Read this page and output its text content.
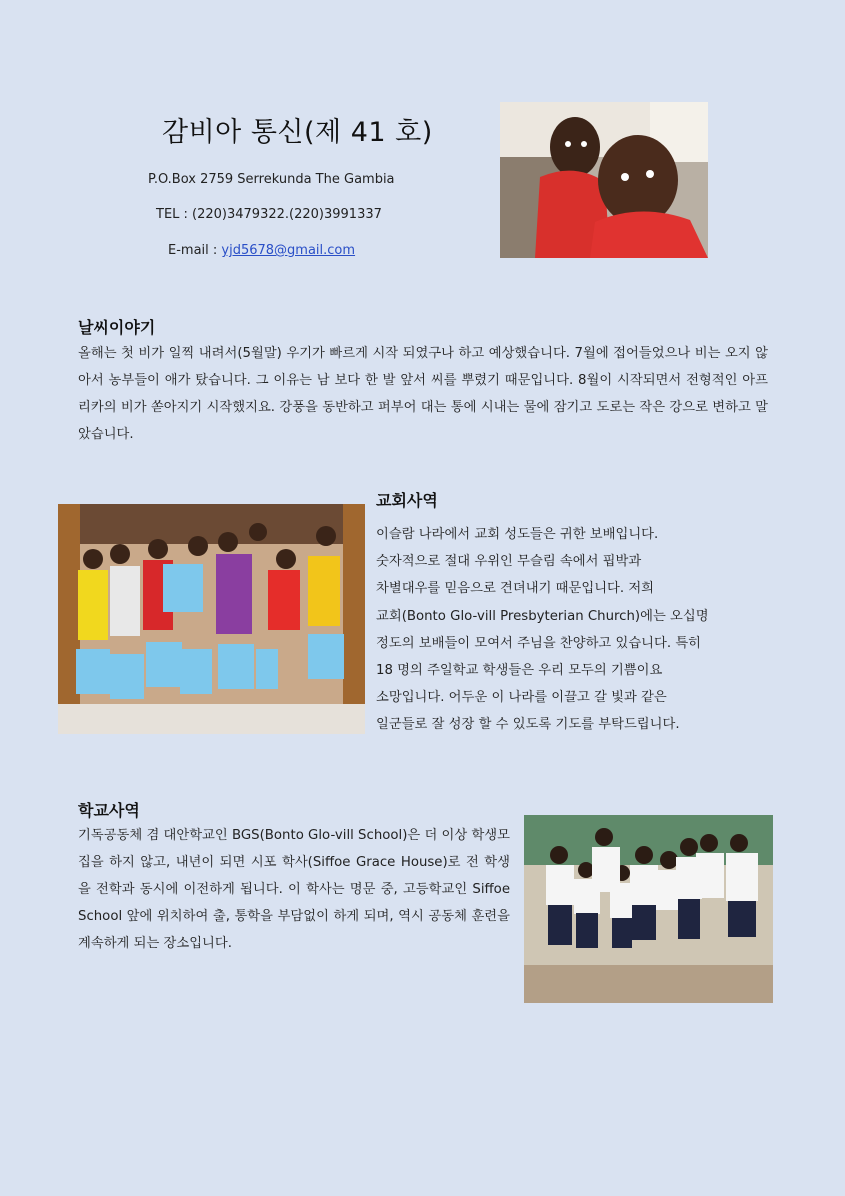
감비아 통신(제 41 호)
P.O.Box 2759 Serrekunda The Gambia
TEL : (220)3479322.(220)3991337
E-mail : yjd5678@gmail.com
날씨이야기

올해는 첫 비가 일찍 내려서(5월말) 우기가 빠르게 시작 되였구나 하고 예상했습니다. 7월에 접어들었으나 비는 오지 않아서 농부들이 애가 탔습니다. 그 이유는 남 보다 한 발 앞서 씨를 뿌렸기 때문입니다. 8월이 시작되면서 전형적인 아프리카의 비가 쏟아지기 시작했지요. 강풍을 동반하고 퍼부어 대는 통에 시내는 물에 잠기고 도로는 작은 강으로 변하고 말았습니다.

교회사역
이슬람 나라에서 교회 성도들은 귀한 보배입니다.
숫자적으로 절대 우위인 무슬림 속에서 핍박과
차별대우를 믿음으로 견뎌내기 때문입니다. 저희
교회(Bonto Glo-vill Presbyterian Church)에는 오십명
정도의 보배들이 모여서 주님을 찬양하고 있습니다. 특히
18 명의 주일학교 학생들은 우리 모두의 기쁨이요
소망입니다. 어두운 이 나라를 이끌고 갈 빛과 같은
일군들로 잘 성장 할 수 있도록 기도를 부탁드립니다.
학교사역

기독공동체 겸 대안학교인 BGS(Bonto Glo-vill School)은 더 이상 학생모집을 하지 않고, 내년이 되면 시포 학사(Siffoe Grace House)로 전 학생을 전학과 동시에 이전하게 됩니다. 이 학사는 명문 중, 고등학교인 Siffoe School 앞에 위치하여 출, 통학을 부담없이 하게 되며, 역시 공동체 훈련을 계속하게 되는 장소입니다.
